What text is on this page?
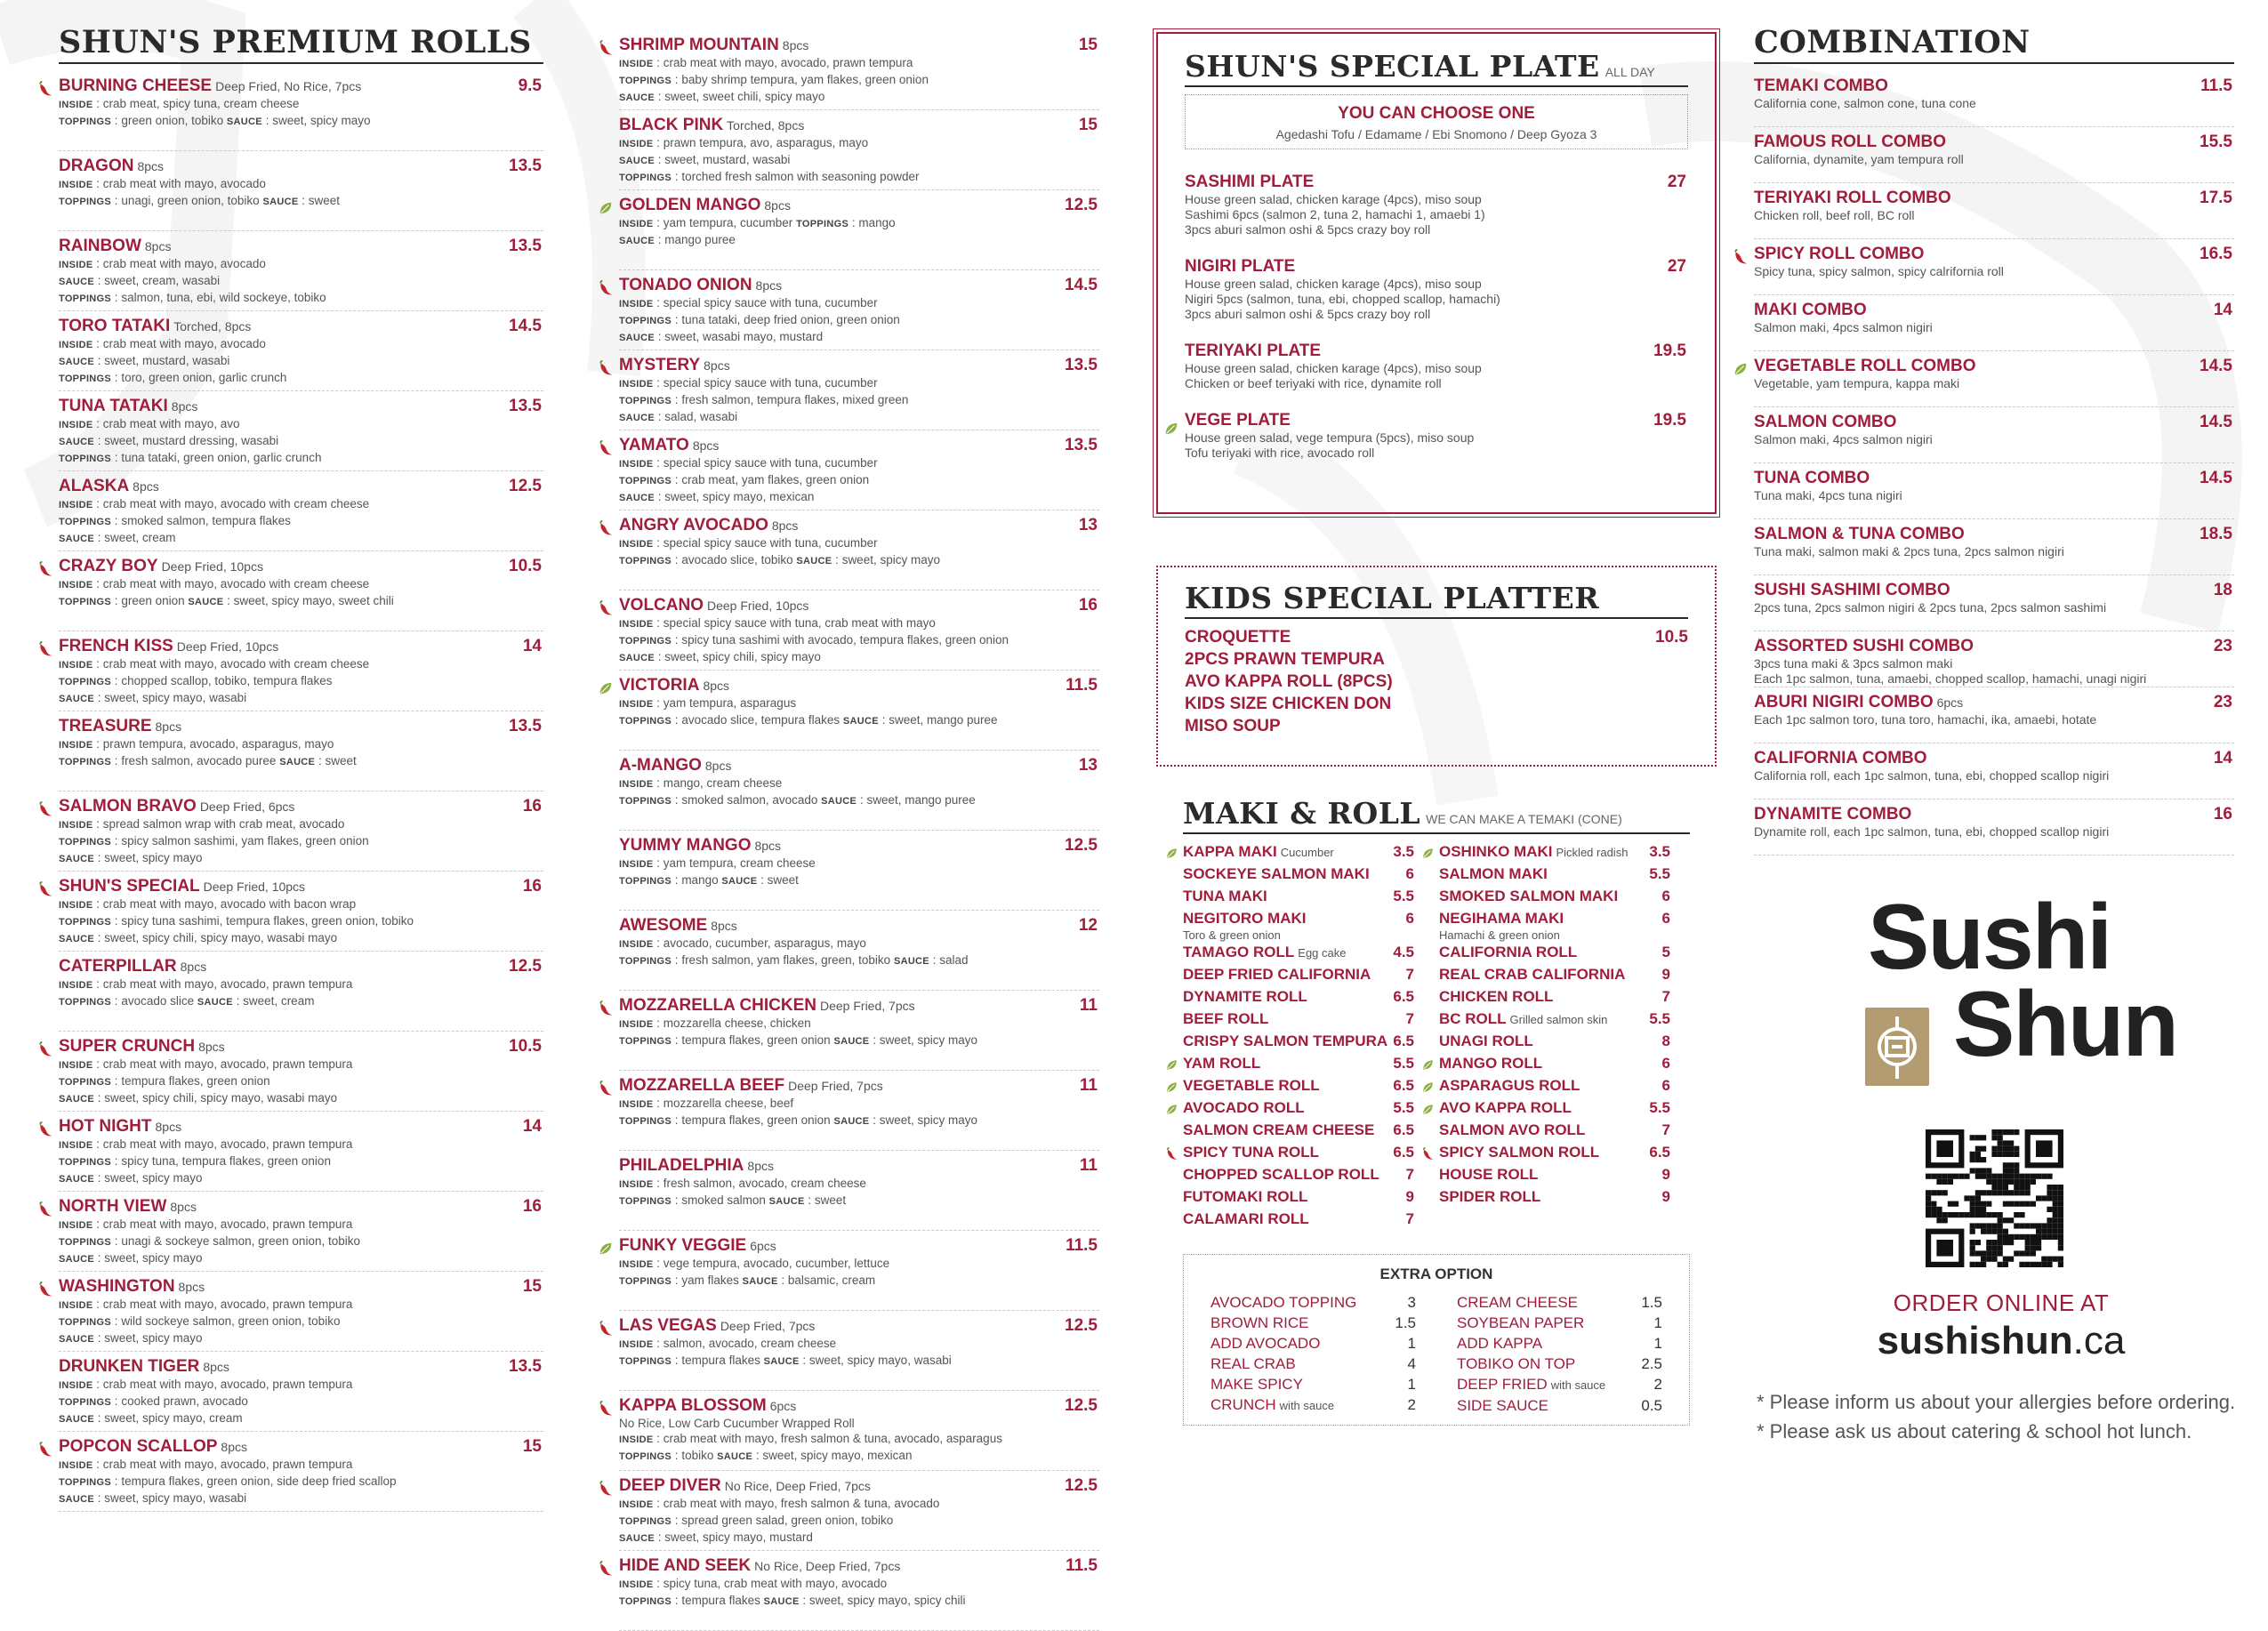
SHUN'S PREMIUM ROLLS
BURNING CHEESE Deep Fried, No Rice, 7pcs	9.5
INSIDE : crab meat, spicy tuna, cream cheese
TOPPINGS : green onion, tobiko SAUCE : sweet, spicy mayo
DRAGON 8pcs	13.5
INSIDE : crab meat with mayo, avocado
TOPPINGS : unagi, green onion, tobiko SAUCE : sweet
RAINBOW 8pcs	13.5
INSIDE : crab meat with mayo, avocado
SAUCE : sweet, cream, wasabi
TOPPINGS : salmon, tuna, ebi, wild sockeye, tobiko
TORO TATAKI Torched, 8pcs	14.5
INSIDE : crab meat with mayo, avocado
SAUCE : sweet, mustard, wasabi
TOPPINGS : toro, green onion, garlic crunch
TUNA TATAKI 8pcs	13.5
INSIDE : crab meat with mayo, avo
SAUCE : sweet, mustard dressing, wasabi
TOPPINGS : tuna tataki, green onion, garlic crunch
ALASKA 8pcs	12.5
INSIDE : crab meat with mayo, avocado with cream cheese
TOPPINGS : smoked salmon, tempura flakes
SAUCE : sweet, cream
CRAZY BOY Deep Fried, 10pcs	10.5
INSIDE : crab meat with mayo, avocado with cream cheese
TOPPINGS : green onion SAUCE : sweet, spicy mayo, sweet chili
FRENCH KISS Deep Fried, 10pcs	14
INSIDE : crab meat with mayo, avocado with cream cheese
TOPPINGS : chopped scallop, tobiko, tempura flakes
SAUCE : sweet, spicy mayo, wasabi
TREASURE 8pcs	13.5
INSIDE : prawn tempura, avocado, asparagus, mayo
TOPPINGS : fresh salmon, avocado puree SAUCE : sweet
SALMON BRAVO Deep Fried, 6pcs	16
INSIDE : spread salmon wrap with crab meat, avocado
TOPPINGS : spicy salmon sashimi, yam flakes, green onion
SAUCE : sweet, spicy mayo
SHUN'S SPECIAL Deep Fried, 10pcs	16
INSIDE : crab meat with mayo, avocado with bacon wrap
TOPPINGS : spicy tuna sashimi, tempura flakes, green onion, tobiko
SAUCE : sweet, spicy chili, spicy mayo, wasabi mayo
CATERPILLAR 8pcs	12.5
INSIDE : crab meat with mayo, avocado, prawn tempura
TOPPINGS : avocado slice SAUCE : sweet, cream
SUPER CRUNCH 8pcs	10.5
INSIDE : crab meat with mayo, avocado, prawn tempura
TOPPINGS : tempura flakes, green onion
SAUCE : sweet, spicy chili, spicy mayo, wasabi mayo
HOT NIGHT 8pcs	14
INSIDE : crab meat with mayo, avocado, prawn tempura
TOPPINGS : spicy tuna, tempura flakes, green onion
SAUCE : sweet, spicy mayo
NORTH VIEW 8pcs	16
INSIDE : crab meat with mayo, avocado, prawn tempura
TOPPINGS : unagi & sockeye salmon, green onion, tobiko
SAUCE : sweet, spicy mayo
WASHINGTON 8pcs	15
INSIDE : crab meat with mayo, avocado, prawn tempura
TOPPINGS : wild sockeye salmon, green onion, tobiko
SAUCE : sweet, spicy mayo
DRUNKEN TIGER 8pcs	13.5
INSIDE : crab meat with mayo, avocado, prawn tempura
TOPPINGS : cooked prawn, avocado
SAUCE : sweet, spicy mayo, cream
POPCON SCALLOP 8pcs	15
INSIDE : crab meat with mayo, avocado, prawn tempura
TOPPINGS : tempura flakes, green onion, side deep fried scallop
SAUCE : sweet, spicy mayo, wasabi
SHRIMP MOUNTAIN 8pcs	15
INSIDE : crab meat with mayo, avocado, prawn tempura
TOPPINGS : baby shrimp tempura, yam flakes, green onion
SAUCE : sweet, sweet chili, spicy mayo
BLACK PINK Torched, 8pcs	15
INSIDE : prawn tempura, avo, asparagus, mayo
SAUCE : sweet, mustard, wasabi
TOPPINGS : torched fresh salmon with seasoning powder
GOLDEN MANGO 8pcs	12.5
INSIDE : yam tempura, cucumber TOPPINGS : mango
SAUCE : mango puree
TONADO ONION 8pcs	14.5
INSIDE : special spicy sauce with tuna, cucumber
TOPPINGS : tuna tataki, deep fried onion, green onion
SAUCE : sweet, wasabi mayo, mustard
MYSTERY 8pcs	13.5
INSIDE : special spicy sauce with tuna, cucumber
TOPPINGS : fresh salmon, tempura flakes, mixed green
SAUCE : salad, wasabi
YAMATO 8pcs	13.5
INSIDE : special spicy sauce with tuna, cucumber
TOPPINGS : crab meat, yam flakes, green onion
SAUCE : sweet, spicy mayo, mexican
ANGRY AVOCADO 8pcs	13
INSIDE : special spicy sauce with tuna, cucumber
TOPPINGS : avocado slice, tobiko SAUCE : sweet, spicy mayo
VOLCANO Deep Fried, 10pcs	16
INSIDE : special spicy sauce with tuna, crab meat with mayo
TOPPINGS : spicy tuna sashimi with avocado, tempura flakes, green onion
SAUCE : sweet, spicy chili, spicy mayo
VICTORIA 8pcs	11.5
INSIDE : yam tempura, asparagus
TOPPINGS : avocado slice, tempura flakes SAUCE : sweet, mango puree
A-MANGO 8pcs	13
INSIDE : mango, cream cheese
TOPPINGS : smoked salmon, avocado SAUCE : sweet, mango puree
YUMMY MANGO 8pcs	12.5
INSIDE : yam tempura, cream cheese
TOPPINGS : mango SAUCE : sweet
AWESOME 8pcs	12
INSIDE : avocado, cucumber, asparagus, mayo
TOPPINGS : fresh salmon, yam flakes, green, tobiko SAUCE : salad
MOZZARELLA CHICKEN Deep Fried, 7pcs	11
INSIDE : mozzarella cheese, chicken
TOPPINGS : tempura flakes, green onion SAUCE : sweet, spicy mayo
MOZZARELLA BEEF Deep Fried, 7pcs	11
INSIDE : mozzarella cheese, beef
TOPPINGS : tempura flakes, green onion SAUCE : sweet, spicy mayo
PHILADELPHIA 8pcs	11
INSIDE : fresh salmon, avocado, cream cheese
TOPPINGS : smoked salmon SAUCE : sweet
FUNKY VEGGIE 6pcs	11.5
INSIDE : vege tempura, avocado, cucumber, lettuce
TOPPINGS : yam flakes SAUCE : balsamic, cream
LAS VEGAS Deep Fried, 7pcs	12.5
INSIDE : salmon, avocado, cream cheese
TOPPINGS : tempura flakes SAUCE : sweet, spicy mayo, wasabi
KAPPA BLOSSOM 6pcs	12.5
No Rice, Low Carb Cucumber Wrapped Roll
INSIDE : crab meat with mayo, fresh salmon & tuna, avocado, asparagus
TOPPINGS : tobiko SAUCE : sweet, spicy mayo, mexican
DEEP DIVER No Rice, Deep Fried, 7pcs	12.5
INSIDE : crab meat with mayo, fresh salmon & tuna, avocado
TOPPINGS : spread green salad, green onion, tobiko
SAUCE : sweet, spicy mayo, mustard
HIDE AND SEEK No Rice, Deep Fried, 7pcs	11.5
INSIDE : spicy tuna, crab meat with mayo, avocado
TOPPINGS : tempura flakes SAUCE : sweet, spicy mayo, spicy chili
SHUN'S SPECIAL PLATE ALL DAY
YOU CAN CHOOSE ONE
Agedashi Tofu / Edamame / Ebi Snomono / Deep Gyoza 3
SASHIMI PLATE	27
House green salad, chicken karage (4pcs), miso soup
Sashimi 6pcs (salmon 2, tuna 2, hamachi 1, amaebi 1)
3pcs aburi salmon oshi & 5pcs crazy boy roll
NIGIRI PLATE	27
House green salad, chicken karage (4pcs), miso soup
Nigiri 5pcs (salmon, tuna, ebi, chopped scallop, hamachi)
3pcs aburi salmon oshi & 5pcs crazy boy roll
TERIYAKI PLATE	19.5
House green salad, chicken karage (4pcs), miso soup
Chicken or beef teriyaki with rice, dynamite roll
VEGE PLATE	19.5
House green salad, vege tempura (5pcs), miso soup
Tofu teriyaki with rice, avocado roll
KIDS SPECIAL PLATTER
CROQUETTE	10.5
2PCS PRAWN TEMPURA
AVO KAPPA ROLL (8PCS)
KIDS SIZE CHICKEN DON
MISO SOUP
MAKI & ROLL WE CAN MAKE A TEMAKI (CONE)
KAPPA MAKI Cucumber	3.5
SOCKEYE SALMON MAKI 6
TUNA MAKI	5.5
NEGITORO MAKI	6
Toro & green onion
TAMAGO ROLL Egg cake	4.5
DEEP FRIED CALIFORNIA 7
DYNAMITE ROLL	6.5
BEEF ROLL	7
CRISPY SALMON TEMPURA 6.5
YAM ROLL	5.5
VEGETABLE ROLL	6.5
AVOCADO ROLL	5.5
SALMON CREAM CHEESE 6.5
SPICY TUNA ROLL	6.5
CHOPPED SCALLOP ROLL 7
FUTOMAKI ROLL	9
CALAMARI ROLL	7
OSHINKO MAKI Pickled radish 3.5
SALMON MAKI	5.5
SMOKED SALMON MAKI	6
NEGIHAMA MAKI	6
Hamachi & green onion
CALIFORNIA ROLL	5
REAL CRAB CALIFORNIA 9
CHICKEN ROLL	7
BC ROLL Grilled salmon skin	5.5
UNAGI ROLL	8
MANGO ROLL	6
ASPARAGUS ROLL	6
AVO KAPPA ROLL	5.5
SALMON AVO ROLL	7
SPICY SALMON ROLL	6.5
HOUSE ROLL	9
SPIDER ROLL	9
EXTRA OPTION
AVOCADO TOPPING	3
BROWN RICE	1.5
ADD AVOCADO	1
REAL CRAB	4
MAKE SPICY	1
CRUNCH with sauce	2
CREAM CHEESE	1.5
SOYBEAN PAPER	1
ADD KAPPA	1
TOBIKO ON TOP	2.5
DEEP FRIED with sauce	2
SIDE SAUCE	0.5
COMBINATION
TEMAKI COMBO	11.5
California cone, salmon cone, tuna cone
FAMOUS ROLL COMBO	15.5
California, dynamite, yam tempura roll
TERIYAKI ROLL COMBO	17.5
Chicken roll, beef roll, BC roll
SPICY ROLL COMBO	16.5
Spicy tuna, spicy salmon, spicy calrifornia roll
MAKI COMBO	14
Salmon maki, 4pcs salmon nigiri
VEGETABLE ROLL COMBO	14.5
Vegetable, yam tempura, kappa maki
SALMON COMBO	14.5
Salmon maki, 4pcs salmon nigiri
TUNA COMBO	14.5
Tuna maki, 4pcs tuna nigiri
SALMON & TUNA COMBO	18.5
Tuna maki, salmon maki & 2pcs tuna, 2pcs salmon nigiri
SUSHI SASHIMI COMBO	18
2pcs tuna, 2pcs salmon nigiri & 2pcs tuna, 2pcs salmon sashimi
ASSORTED SUSHI COMBO	23
3pcs tuna maki & 3pcs salmon maki
Each 1pc salmon, tuna, amaebi, chopped scallop, hamachi, unagi nigiri
ABURI NIGIRI COMBO 6pcs	23
Each 1pc salmon toro, tuna toro, hamachi, ika, amaebi, hotate
CALIFORNIA COMBO	14
California roll, each 1pc salmon, tuna, ebi, chopped scallop nigiri
DYNAMITE COMBO	16
Dynamite roll, each 1pc salmon, tuna, ebi, chopped scallop nigiri
Sushi
Shun
ORDER ONLINE AT
sushishun.ca
* Please inform us about your allergies before ordering.
* Please ask us about catering & school hot lunch.
